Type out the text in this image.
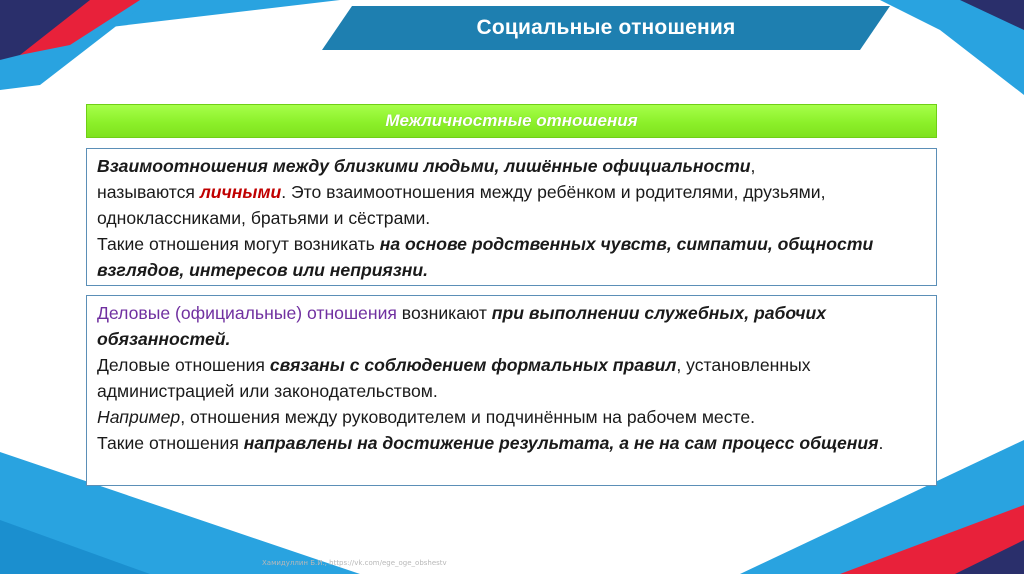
Социальные отношения
Межличностные отношения
Взаимоотношения между близкими людьми, лишённые официальности,
называются личными. Это взаимоотношения между ребёнком и родителями, друзьями, одноклассниками, братьями и сёстрами.
Такие отношения могут возникать на основе родственных чувств, симпатии, общности взглядов, интересов или неприязни.
Деловые (официальные) отношения возникают при выполнении служебных, рабочих обязанностей.
Деловые отношения связаны с соблюдением формальных правил, установленных администрацией или законодательством.
Например, отношения между руководителем и подчинённым на рабочем месте.
Такие отношения направлены на достижение результата, а не на сам процесс общения.
Хамидуллин Б.И., https://vk.com/ege_oge_obshestv
